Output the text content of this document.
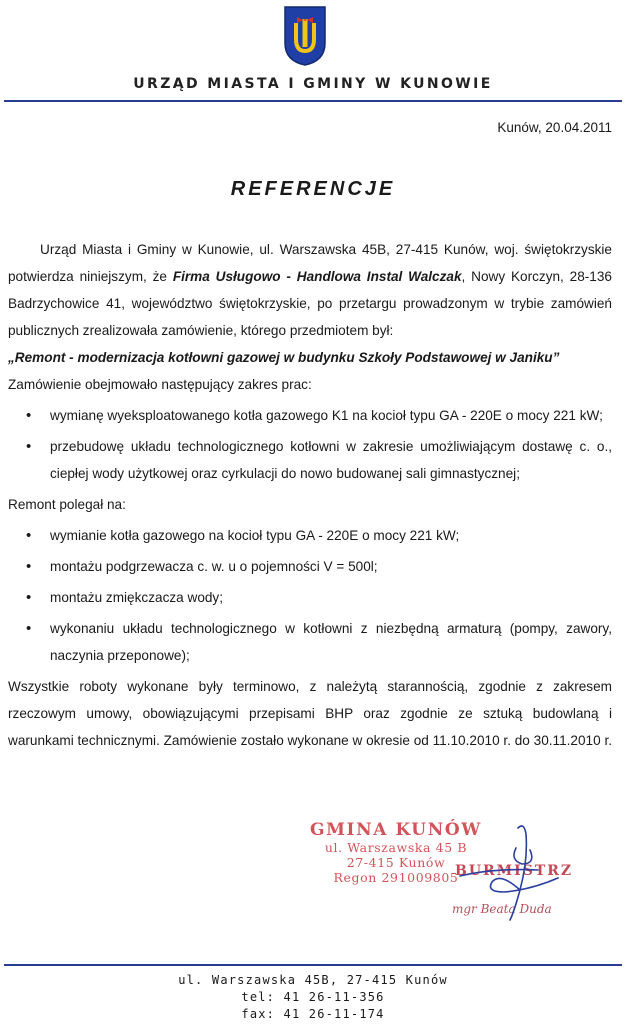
URZĄD MIASTA I GMINY W KUNOWIE
Kunów, 20.04.2011
REFERENCJE

Urząd Miasta i Gminy w Kunowie, ul. Warszawska 45B, 27-415 Kunów, woj. świętokrzyskie potwierdza niniejszym, że Firma Usługowo - Handlowa Instal Walczak, Nowy Korczyn, 28-136 Badrzychowice 41, województwo świętokrzyskie, po przetargu prowadzonym w trybie zamówień publicznych zrealizowała zamówienie, którego przedmiotem był:

„Remont - modernizacja kotłowni gazowej w budynku Szkoły Podstawowej w Janiku”

Zamówienie obejmowało następujący zakres prac:

• wymianę wyeksploatowanego kotła gazowego K1 na kocioł typu GA - 220E o mocy 221 kW;
• przebudowę układu technologicznego kotłowni w zakresie umożliwiającym dostawę c. o., ciepłej wody użytkowej oraz cyrkulacji do nowo budowanej sali gimnastycznej;

Remont polegał na:

• wymianie kotła gazowego na kocioł typu GA - 220E o mocy 221 kW;
• montażu podgrzewacza c. w. u o pojemności V = 500l;
• montażu zmiękczacza wody;
• wykonaniu układu technologicznego w kotłowni z niezbędną armaturą (pompy, zawory, naczynia przeponowe);

Wszystkie roboty wykonane były terminowo, z należytą starannością, zgodnie z zakresem rzeczowym umowy, obowiązującymi przepisami BHP oraz zgodnie ze sztuką budowlaną i warunkami technicznymi. Zamówienie zostało wykonane w okresie od 11.10.2010 r. do 30.11.2010 r.

GMINA KUNÓW
ul. Warszawska 45 B
27-415 Kunów
Regon 291009805
BURMISTRZ
mgr Beata Duda
ul. Warszawska 45B, 27-415 Kunów
tel: 41 26-11-356
fax: 41 26-11-174
